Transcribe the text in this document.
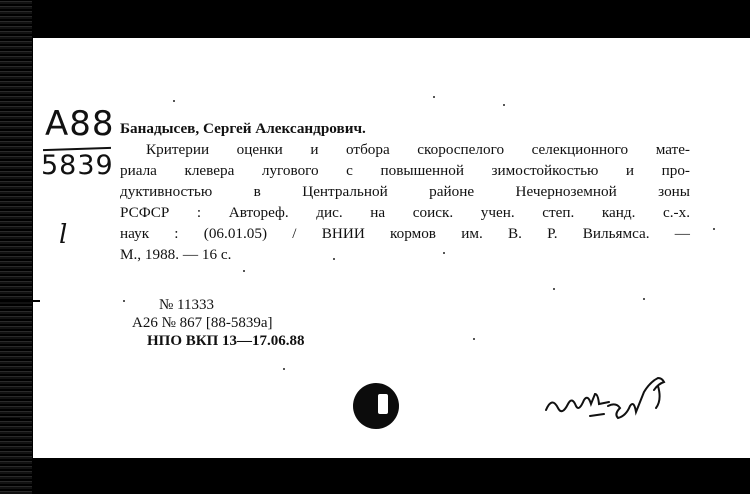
A88
5839
l
Банадысев, Сергей Александрович.
Критерии оценки и отбора скороспелого селекционного мате-
риала клевера лугового с повышенной зимостойкостью и про-
дуктивностью в Центральной районе Нечерноземной зоны
РСФСР : Автореф. дис. на соиск. учен. степ. канд. с.-х.
наук : (06.01.05) / ВНИИ кормов им. В. Р. Вильямса. —
М., 1988. — 16 с.
№ 11333
А26 № 867 [88-5839а]
НПО ВКП 13—17.06.88
